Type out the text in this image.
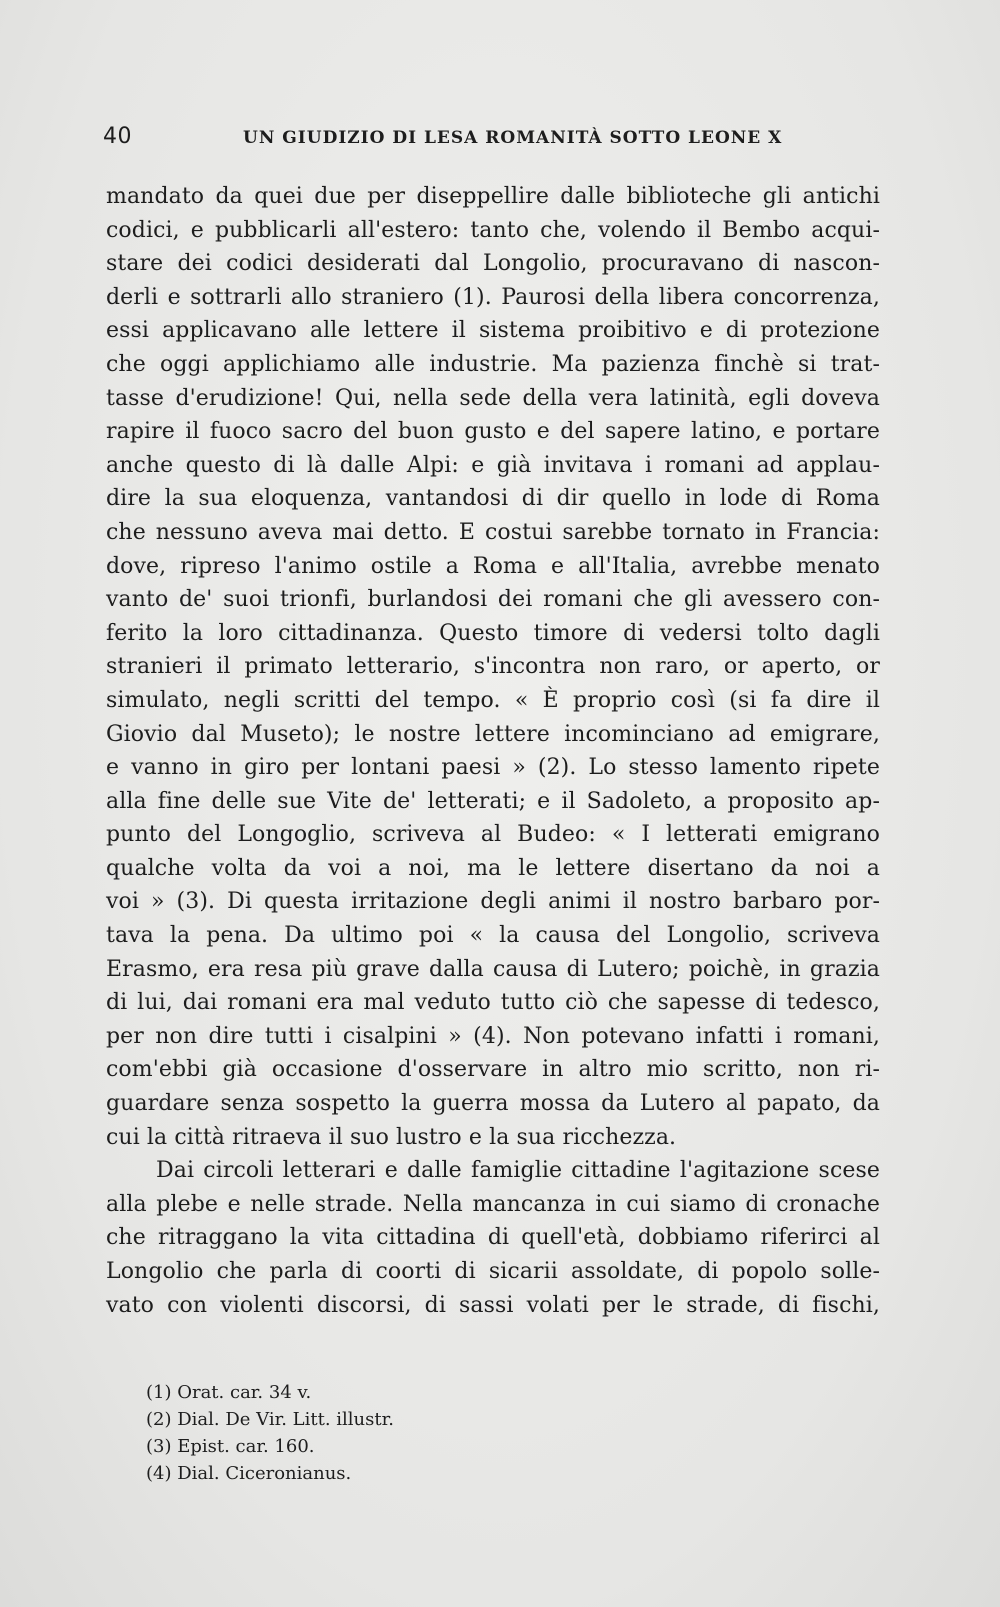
40	UN GIUDIZIO DI LESA ROMANITÀ SOTTO LEONE X
mandato da quei due per diseppellire dalle biblioteche gli antichi
codici, e pubblicarli all'estero: tanto che, volendo il Bembo acqui-
stare dei codici desiderati dal Longolio, procuravano di nascon-
derli e sottrarli allo straniero (1). Paurosi della libera concorrenza,
essi applicavano alle lettere il sistema proibitivo e di protezione
che oggi applichiamo alle industrie. Ma pazienza finchè si trat-
tasse d'erudizione! Qui, nella sede della vera latinità, egli doveva
rapire il fuoco sacro del buon gusto e del sapere latino, e portare
anche questo di là dalle Alpi: e già invitava i romani ad applau-
dire la sua eloquenza, vantandosi di dir quello in lode di Roma
che nessuno aveva mai detto. E costui sarebbe tornato in Francia:
dove, ripreso l'animo ostile a Roma e all'Italia, avrebbe menato
vanto de' suoi trionfi, burlandosi dei romani che gli avessero con-
ferito la loro cittadinanza. Questo timore di vedersi tolto dagli
stranieri il primato letterario, s'incontra non raro, or aperto, or
simulato, negli scritti del tempo. « È proprio così (si fa dire il
Giovio dal Museto); le nostre lettere incominciano ad emigrare,
e vanno in giro per lontani paesi » (2). Lo stesso lamento ripete
alla fine delle sue Vite de' letterati; e il Sadoleto, a proposito ap-
punto del Longoglio, scriveva al Budeo: « I letterati emigrano
qualche volta da voi a noi, ma le lettere disertano da noi a
voi » (3). Di questa irritazione degli animi il nostro barbaro por-
tava la pena. Da ultimo poi « la causa del Longolio, scriveva
Erasmo, era resa più grave dalla causa di Lutero; poichè, in grazia
di lui, dai romani era mal veduto tutto ciò che sapesse di tedesco,
per non dire tutti i cisalpini » (4). Non potevano infatti i romani,
com'ebbi già occasione d'osservare in altro mio scritto, non ri-
guardare senza sospetto la guerra mossa da Lutero al papato, da
cui la città ritraeva il suo lustro e la sua ricchezza.
Dai circoli letterari e dalle famiglie cittadine l'agitazione scese
alla plebe e nelle strade. Nella mancanza in cui siamo di cronache
che ritraggano la vita cittadina di quell'età, dobbiamo riferirci al
Longolio che parla di coorti di sicarii assoldate, di popolo solle-
vato con violenti discorsi, di sassi volati per le strade, di fischi,
(1) Orat. car. 34 v.
(2) Dial. De Vir. Litt. illustr.
(3) Epist. car. 160.
(4) Dial. Ciceronianus.
